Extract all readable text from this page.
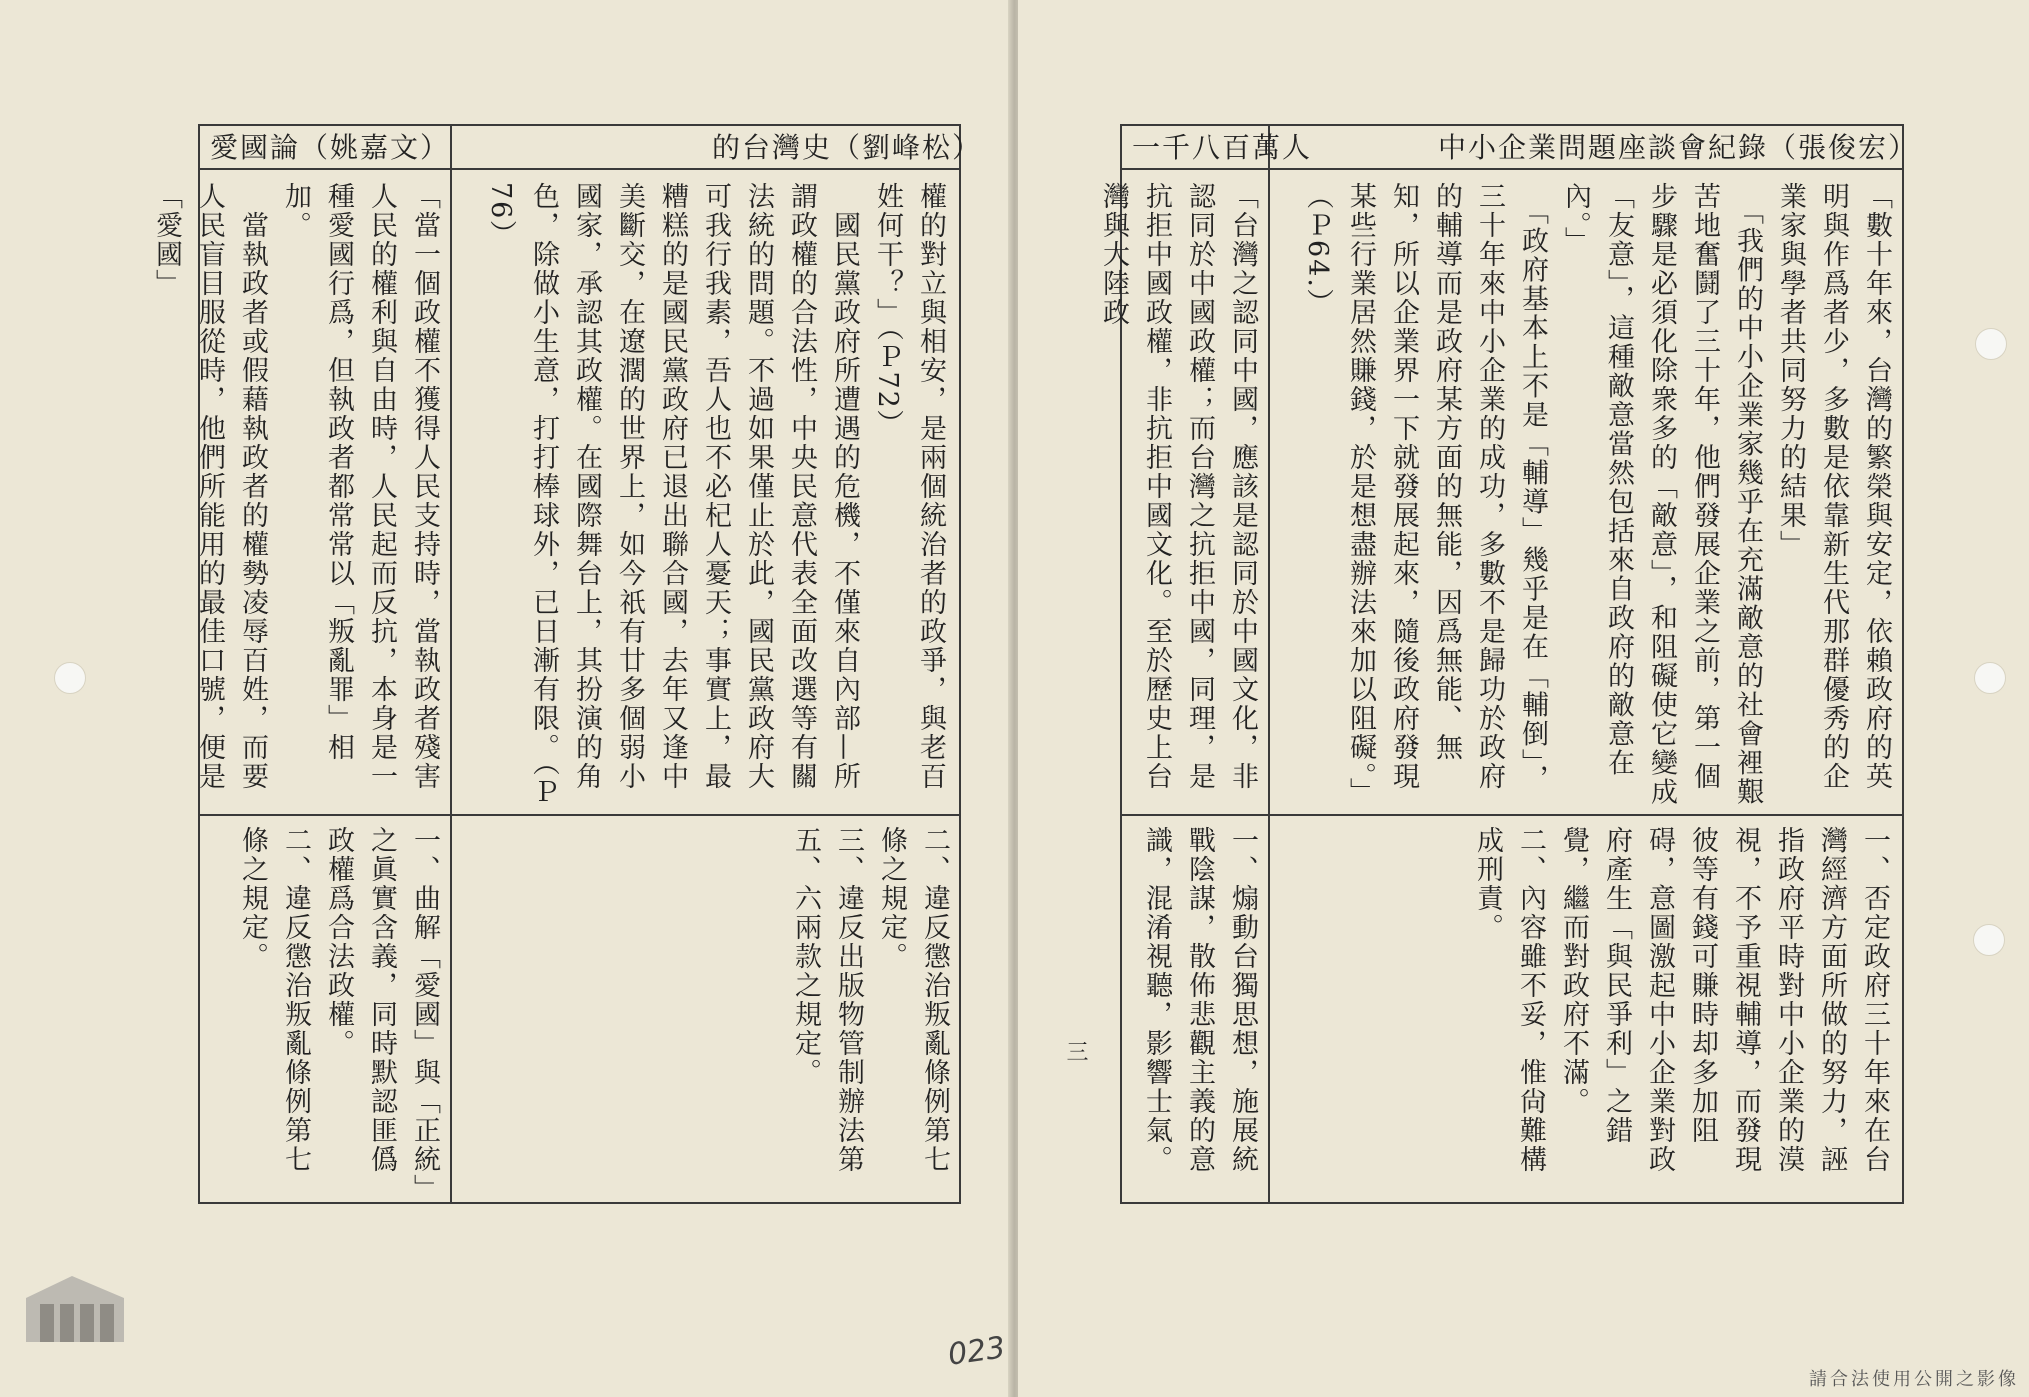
愛國論（姚嘉文）	的台灣史（劉峰松）
權的對立與相安，是兩個統治者的政爭，與老百姓何干？」（Ｐ72）
　國民黨政府所遭遇的危機，不僅來自內部—所謂政權的合法性，中央民意代表全面改選等有關法統的問題。不過如果僅止於此，國民黨政府大可我行我素，吾人也不必杞人憂天；事實上，最糟糕的是國民黨政府已退出聯合國，去年又逢中美斷交，在遼濶的世界上，如今祇有廿多個弱小國家，承認其政權。在國際舞台上，其扮演的角色，除做小生意，打打棒球外，已日漸有限。（Ｐ76）
「當一個政權不獲得人民支持時，當執政者殘害人民的權利與自由時，人民起而反抗，本身是一種愛國行爲，但執政者都常常以「叛亂罪」相加。
　當執政者或假藉執政者的權勢凌辱百姓，而要人民盲目服從時，他們所能用的最佳口號，便是「愛國」
二、違反懲治叛亂條例第七條之規定。
三、違反出版物管制辦法第五、六兩款之規定。
一、曲解「愛國」與「正統」之眞實含義，同時默認匪僞政權爲合法政權。
二、違反懲治叛亂條例第七條之規定。
023
中小企業問題座談會紀錄（張俊宏）
一千八百萬人
「數十年來，台灣的繁榮與安定，依賴政府的英明與作爲者少，多數是依靠新生代那群優秀的企業家與學者共同努力的結果」
　「我們的中小企業家幾乎在充滿敵意的社會裡艱苦地奮鬪了三十年，他們發展企業之前，第一個步驟是必須化除衆多的「敵意」，和阻礙使它變成「友意」，這種敵意當然包括來自政府的敵意在內。」
　「政府基本上不是「輔導」幾乎是在「輔倒」，三十年來中小企業的成功，多數不是歸功於政府的輔導而是政府某方面的無能，因爲無能、無知，所以企業界一下就發展起來，隨後政府發現某些行業居然賺錢，於是想盡辦法來加以阻礙。」（Ｐ64.）
「台灣之認同中國，應該是認同於中國文化，非認同於中國政權；而台灣之抗拒中國，同理，是抗拒中國政權，非抗拒中國文化。至於歷史上台灣與大陸政
一、否定政府三十年來在台灣經濟方面所做的努力，誣指政府平時對中小企業的漠視，不予重視輔導，而發現彼等有錢可賺時却多加阻碍，意圖激起中小企業對政府產生「與民爭利」之錯覺，繼而對政府不滿。
二、內容雖不妥，惟尙難構成刑責。
一、煽動台獨思想，施展統戰陰謀，散佈悲觀主義的意識，混淆視聽，影響士氣。
三
請合法使用公開之影像
